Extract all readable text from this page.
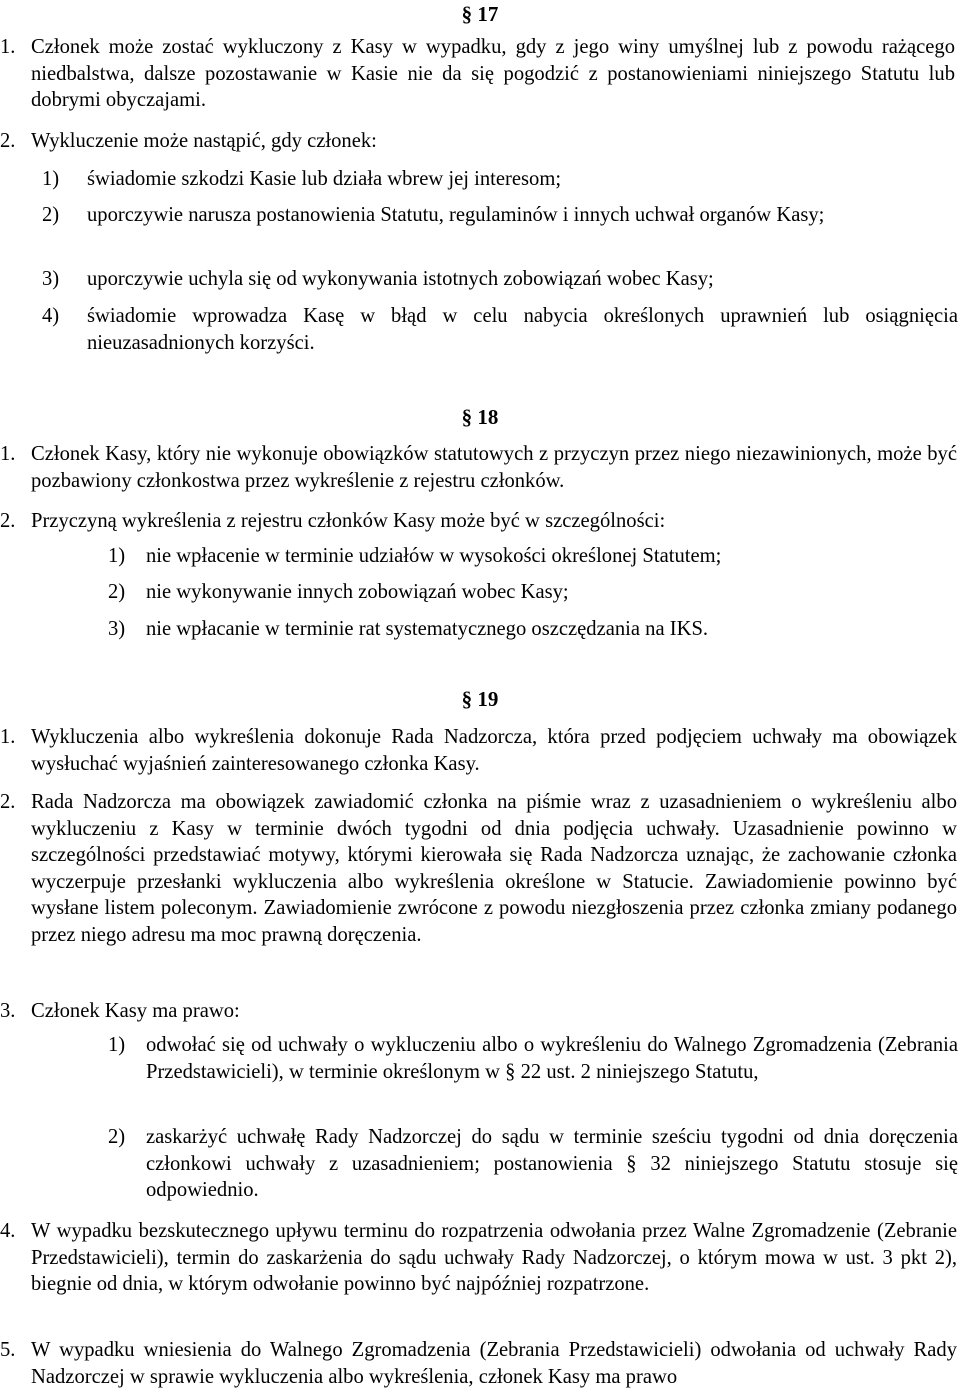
§ 17
1. Członek może zostać wykluczony z Kasy w wypadku, gdy z jego winy umyślnej lub z powodu rażącego niedbalstwa, dalsze pozostawanie w Kasie nie da się pogodzić z postanowieniami niniejszego Statutu lub dobrymi obyczajami.
2. Wykluczenie może nastąpić, gdy członek:
1) świadomie szkodzi Kasie lub działa wbrew jej interesom;
2) uporczywie narusza postanowienia Statutu, regulaminów i innych uchwał organów Kasy;
3) uporczywie uchyla się od wykonywania istotnych zobowiązań wobec Kasy;
4) świadomie wprowadza Kasę w błąd w celu nabycia określonych uprawnień lub osiągnięcia nieuzasadnionych korzyści.
§ 18
1. Członek Kasy, który nie wykonuje obowiązków statutowych z przyczyn przez niego niezawinionych, może być pozbawiony członkostwa przez wykreślenie z rejestru członków.
2. Przyczyną wykreślenia z rejestru członków Kasy może być w szczególności:
1) nie wpłacenie w terminie udziałów w wysokości określonej Statutem;
2) nie wykonywanie innych zobowiązań wobec Kasy;
3) nie wpłacanie w terminie rat systematycznego oszczędzania na IKS.
§ 19
1. Wykluczenia albo wykreślenia dokonuje Rada Nadzorcza, która przed podjęciem uchwały ma obowiązek wysłuchać wyjaśnień zainteresowanego członka Kasy.
2. Rada Nadzorcza ma obowiązek zawiadomić członka na piśmie wraz z uzasadnieniem o wykreśleniu albo wykluczeniu z Kasy w terminie dwóch tygodni od dnia podjęcia uchwały. Uzasadnienie powinno w szczególności przedstawiać motywy, którymi kierowała się Rada Nadzorcza uznając, że zachowanie członka wyczerpuje przesłanki wykluczenia albo wykreślenia określone w Statucie. Zawiadomienie powinno być wysłane listem poleconym. Zawiadomienie zwrócone z powodu niezgłoszenia przez członka zmiany podanego przez niego adresu ma moc prawną doręczenia.
3. Członek Kasy ma prawo:
1) odwołać się od uchwały o wykluczeniu albo o wykreśleniu do Walnego Zgromadzenia (Zebrania Przedstawicieli), w terminie określonym w § 22 ust. 2 niniejszego Statutu,
2) zaskarżyć uchwałę Rady Nadzorczej do sądu w terminie sześciu tygodni od dnia doręczenia członkowi uchwały z uzasadnieniem; postanowienia § 32 niniejszego Statutu stosuje się odpowiednio.
4. W wypadku bezskutecznego upływu terminu do rozpatrzenia odwołania przez Walne Zgromadzenie (Zebranie Przedstawicieli), termin do zaskarżenia do sądu uchwały Rady Nadzorczej, o którym mowa w ust. 3 pkt 2), biegnie od dnia, w którym odwołanie powinno być najpóźniej rozpatrzone.
5. W wypadku wniesienia do Walnego Zgromadzenia (Zebrania Przedstawicieli) odwołania od uchwały Rady Nadzorczej w sprawie wykluczenia albo wykreślenia, członek Kasy ma prawo
